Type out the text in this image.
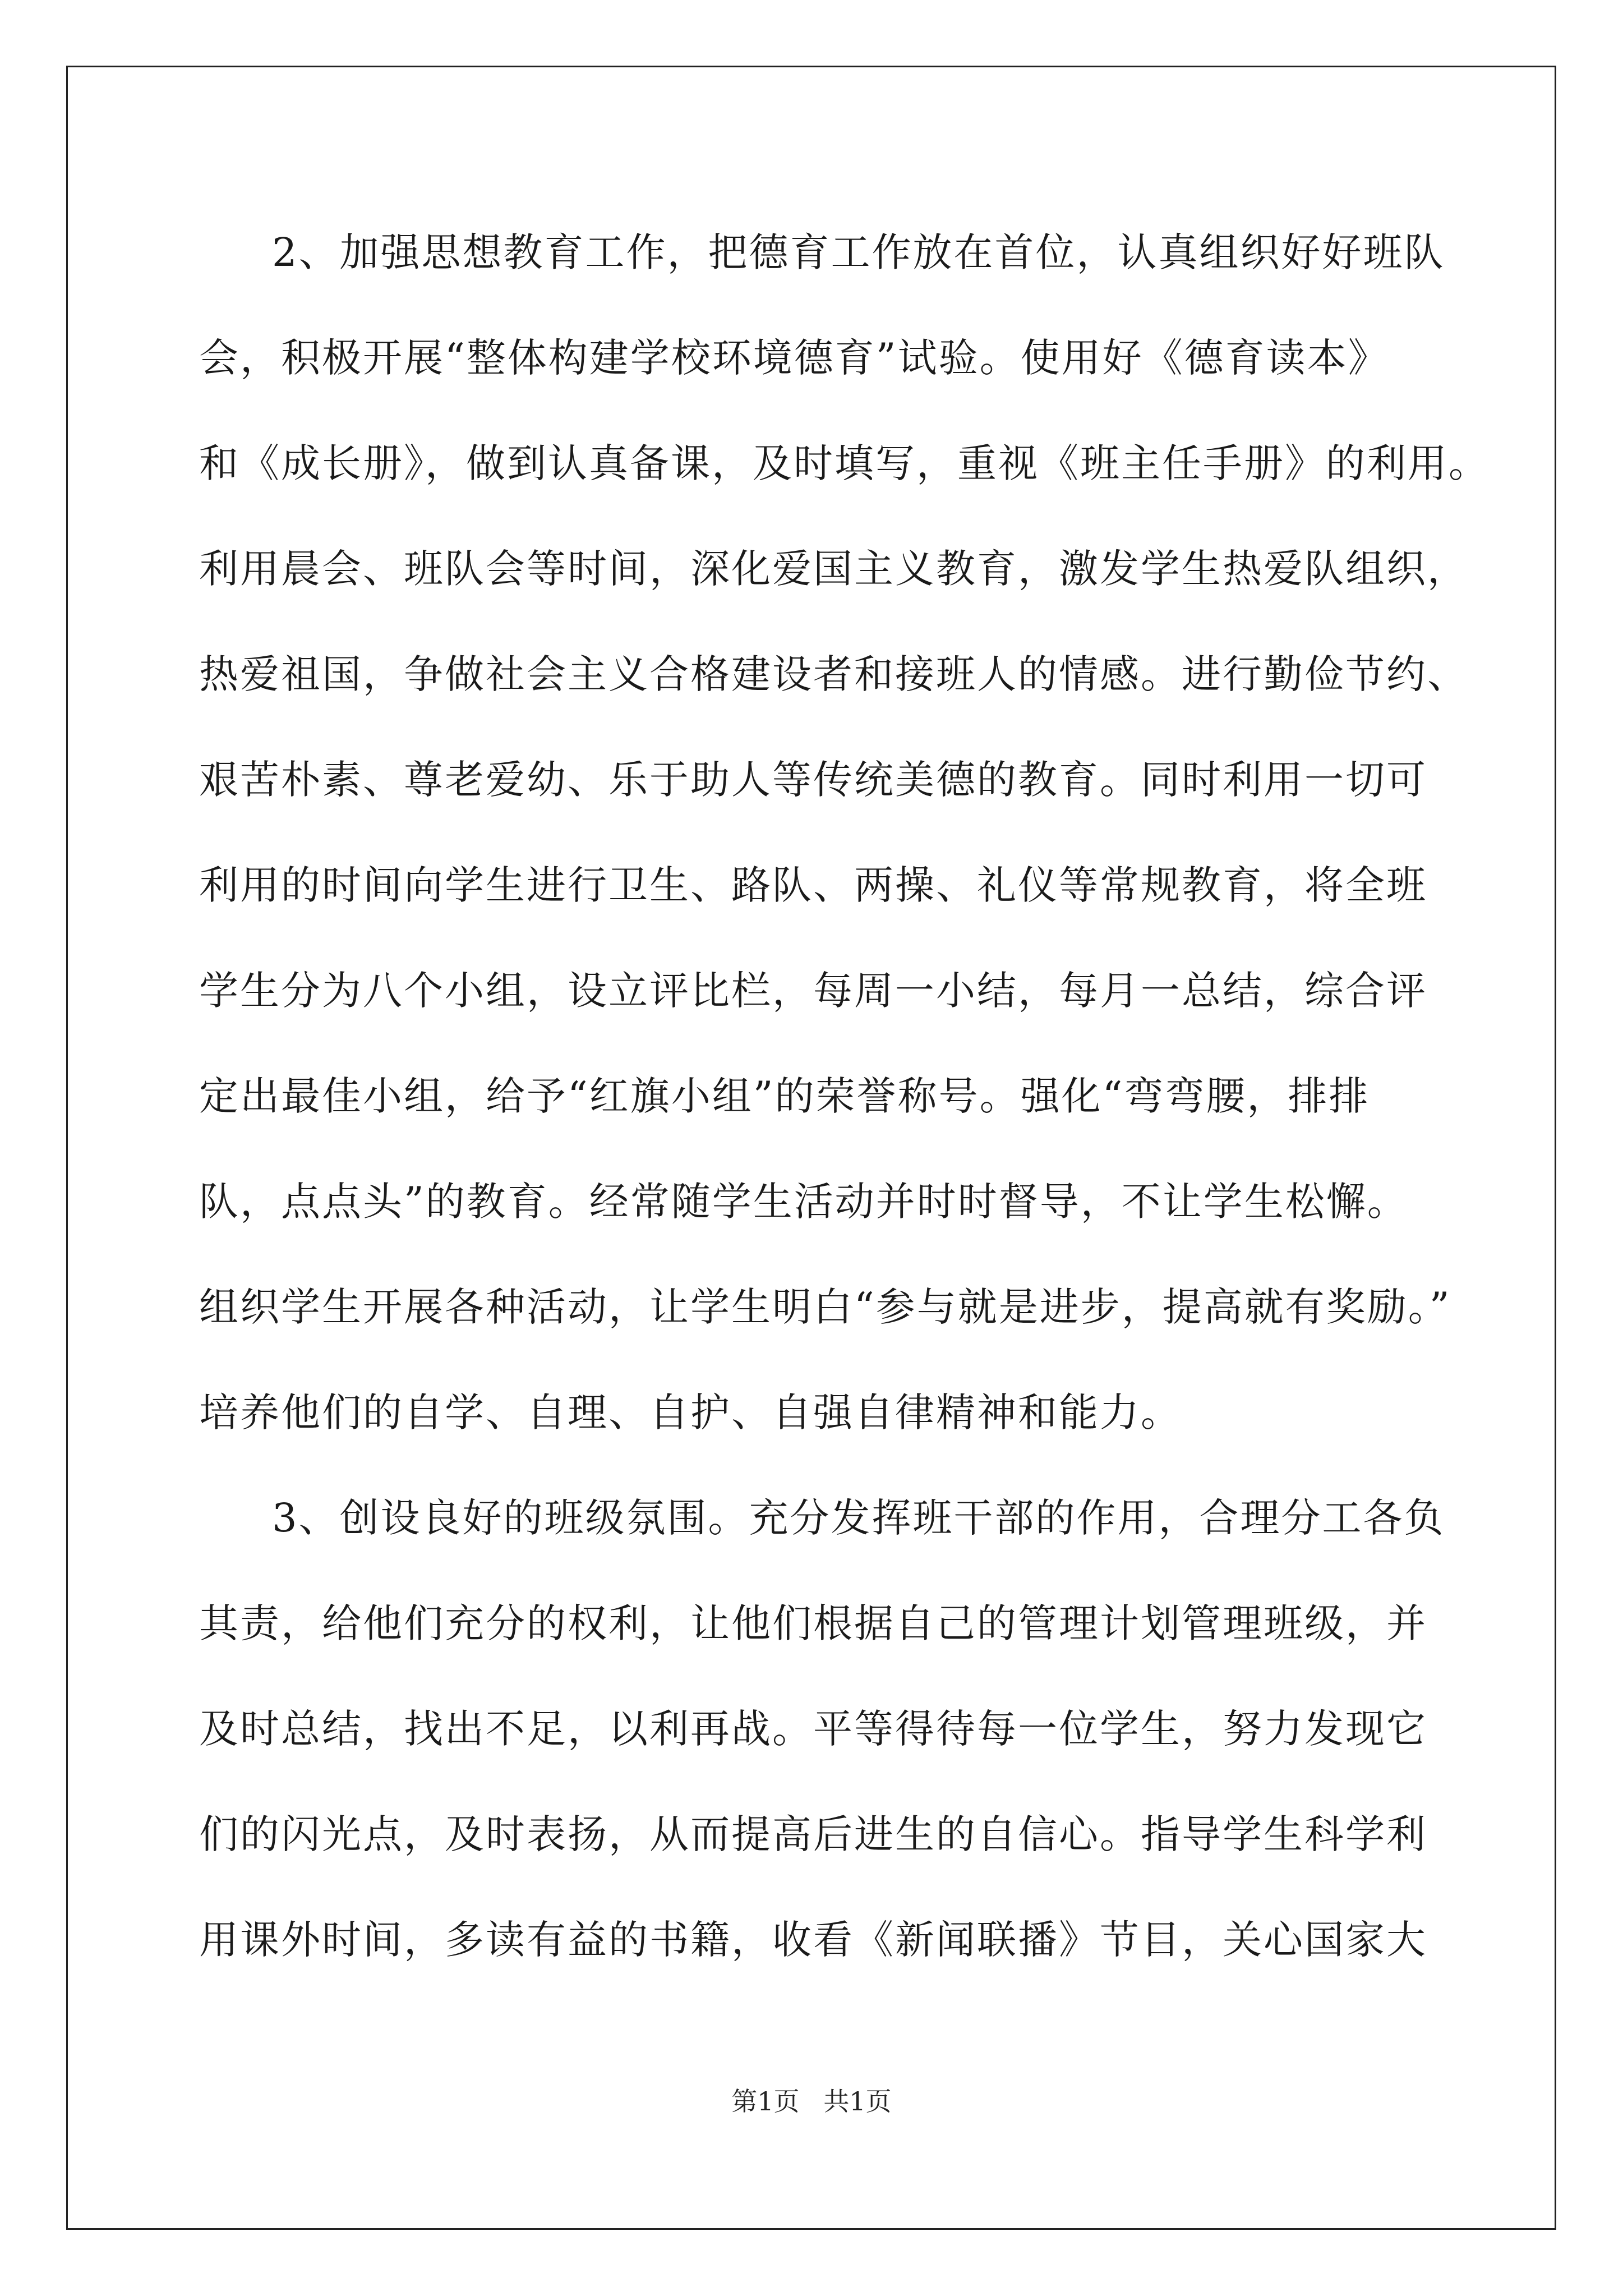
2、加强思想教育工作，把德育工作放在首位，认真组织好好班队
会，积极开展“整体构建学校环境德育”试验。使用好《德育读本》
和《成长册》，做到认真备课，及时填写，重视《班主任手册》的利用。
利用晨会、班队会等时间，深化爱国主义教育，激发学生热爱队组织，
热爱祖国，争做社会主义合格建设者和接班人的情感。进行勤俭节约、
艰苦朴素、尊老爱幼、乐于助人等传统美德的教育。同时利用一切可
利用的时间向学生进行卫生、路队、两操、礼仪等常规教育，将全班
学生分为八个小组，设立评比栏，每周一小结，每月一总结，综合评
定出最佳小组，给予“红旗小组”的荣誉称号。强化“弯弯腰，排排
队，点点头”的教育。经常随学生活动并时时督导，不让学生松懈。
组织学生开展各种活动，让学生明白“参与就是进步，提高就有奖励。”
培养他们的自学、自理、自护、自强自律精神和能力。
3、创设良好的班级氛围。充分发挥班干部的作用，合理分工各负
其责，给他们充分的权利，让他们根据自己的管理计划管理班级，并
及时总结，找出不足，以利再战。平等得待每一位学生，努力发现它
们的闪光点，及时表扬，从而提高后进生的自信心。指导学生科学利
用课外时间，多读有益的书籍，收看《新闻联播》节目，关心国家大
第1页 共1页
